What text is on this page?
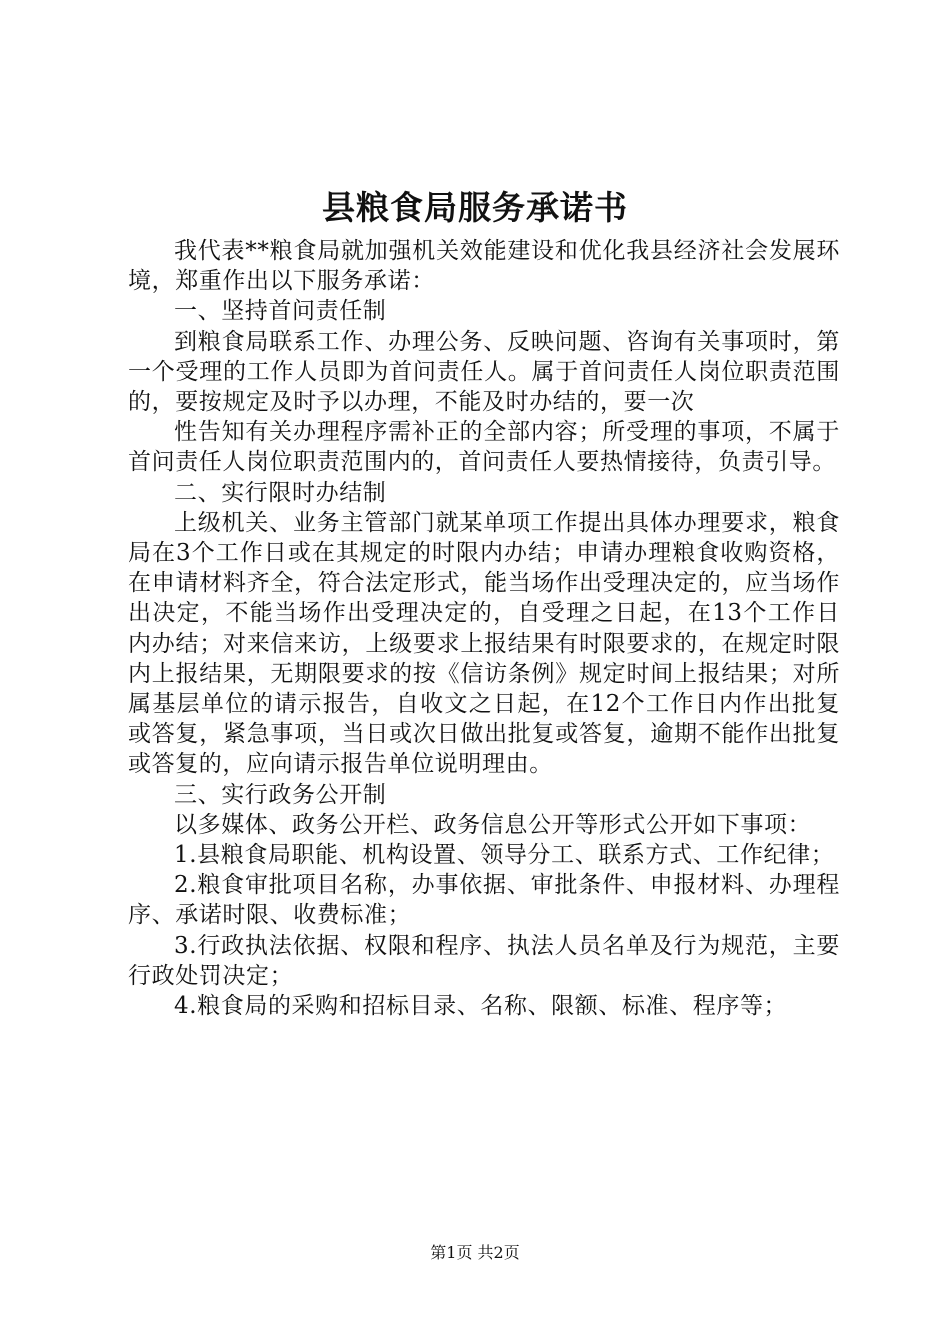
县粮食局服务承诺书

我代表**粮食局就加强机关效能建设和优化我县经济社会发展环境，郑重作出以下服务承诺：

一、坚持首问责任制

到粮食局联系工作、办理公务、反映问题、咨询有关事项时，第一个受理的工作人员即为首问责任人。属于首问责任人岗位职责范围的，要按规定及时予以办理，不能及时办结的，要一次

性告知有关办理程序需补正的全部内容；所受理的事项，不属于首问责任人岗位职责范围内的，首问责任人要热情接待，负责引导。

二、实行限时办结制

上级机关、业务主管部门就某单项工作提出具体办理要求，粮食局在3个工作日或在其规定的时限内办结；申请办理粮食收购资格，在申请材料齐全，符合法定形式，能当场作出受理决定的，应当场作出决定，不能当场作出受理决定的，自受理之日起，在13个工作日内办结；对来信来访，上级要求上报结果有时限要求的，在规定时限内上报结果，无期限要求的按《信访条例》规定时间上报结果；对所属基层单位的请示报告，自收文之日起，在12个工作日内作出批复或答复，紧急事项，当日或次日做出批复或答复，逾期不能作出批复或答复的，应向请示报告单位说明理由。

三、实行政务公开制

以多媒体、政务公开栏、政务信息公开等形式公开如下事项：

1.县粮食局职能、机构设置、领导分工、联系方式、工作纪律；

2.粮食审批项目名称，办事依据、审批条件、申报材料、办理程序、承诺时限、收费标准；

3.行政执法依据、权限和程序、执法人员名单及行为规范，主要行政处罚决定；

4.粮食局的采购和招标目录、名称、限额、标准、程序等；

第1页 共2页
